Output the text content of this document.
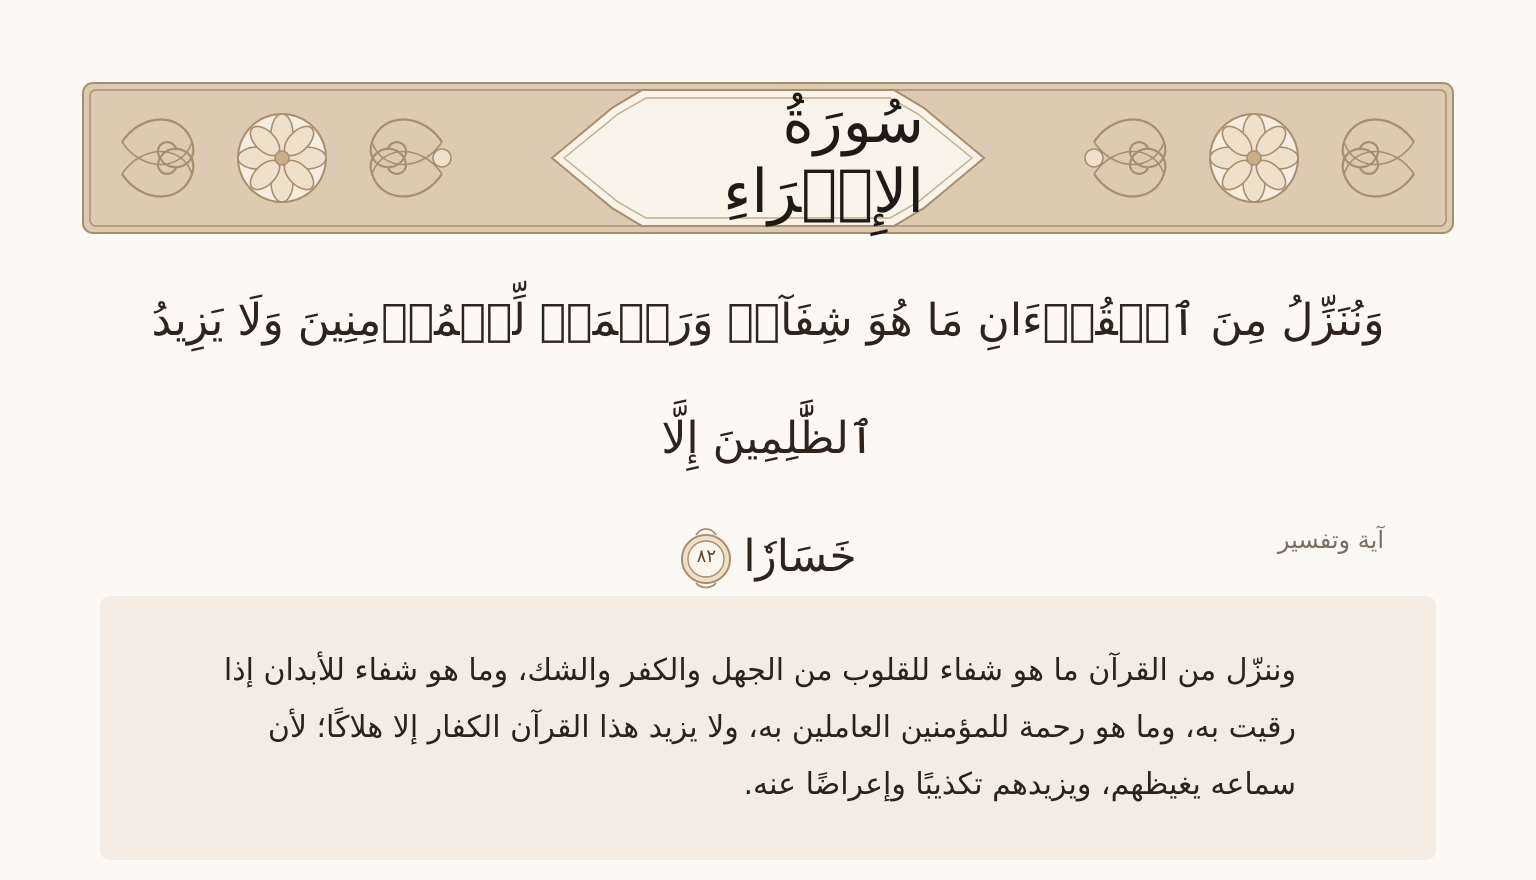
سُورَةُ الإِسۡرَاءِ
وَنُنَزِّلُ مِنَ ٱلۡقُرۡءَانِ مَا هُوَ شِفَآءٞ وَرَحۡمَةٞ لِّلۡمُؤۡمِنِينَ وَلَا يَزِيدُ ٱلظَّٰلِمِينَ إِلَّا
خَسَارٗا
٨٢
آية وتفسير
وننزّل من القرآن ما هو شفاء للقلوب من الجهل والكفر والشك، وما هو شفاء للأبدان إذا رقيت به، وما هو رحمة للمؤمنين العاملين به، ولا يزيد هذا القرآن الكفار إلا هلاكًا؛ لأن سماعه يغيظهم، ويزيدهم تكذيبًا وإعراضًا عنه.
